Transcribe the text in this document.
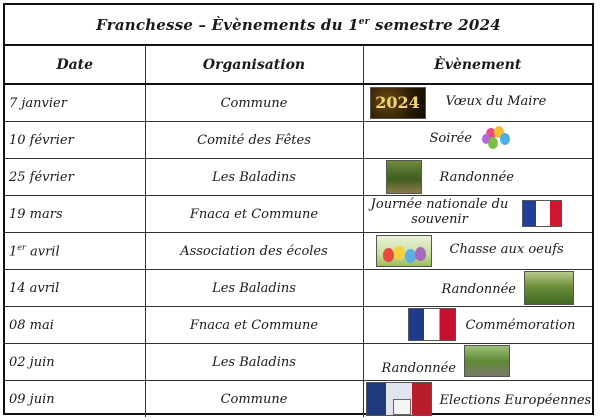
Franchesse – Èvènements du 1er semestre 2024
Date	Organisation	Èvènement
7 janvier	Commune	2024 Vœux du Maire

10 février	Comité des Fêtes	Soirée

25 février	Les Baladins	Randonnée

19 mars	Fnaca et Commune	Journée nationale du souvenir

1er avril	Association des écoles	Chasse aux oeufs

14 avril	Les Baladins	Randonnée

08 mai	Fnaca et Commune	Commémoration

02 juin	Les Baladins	Randonnée

09 juin	Commune	Elections Européennes
